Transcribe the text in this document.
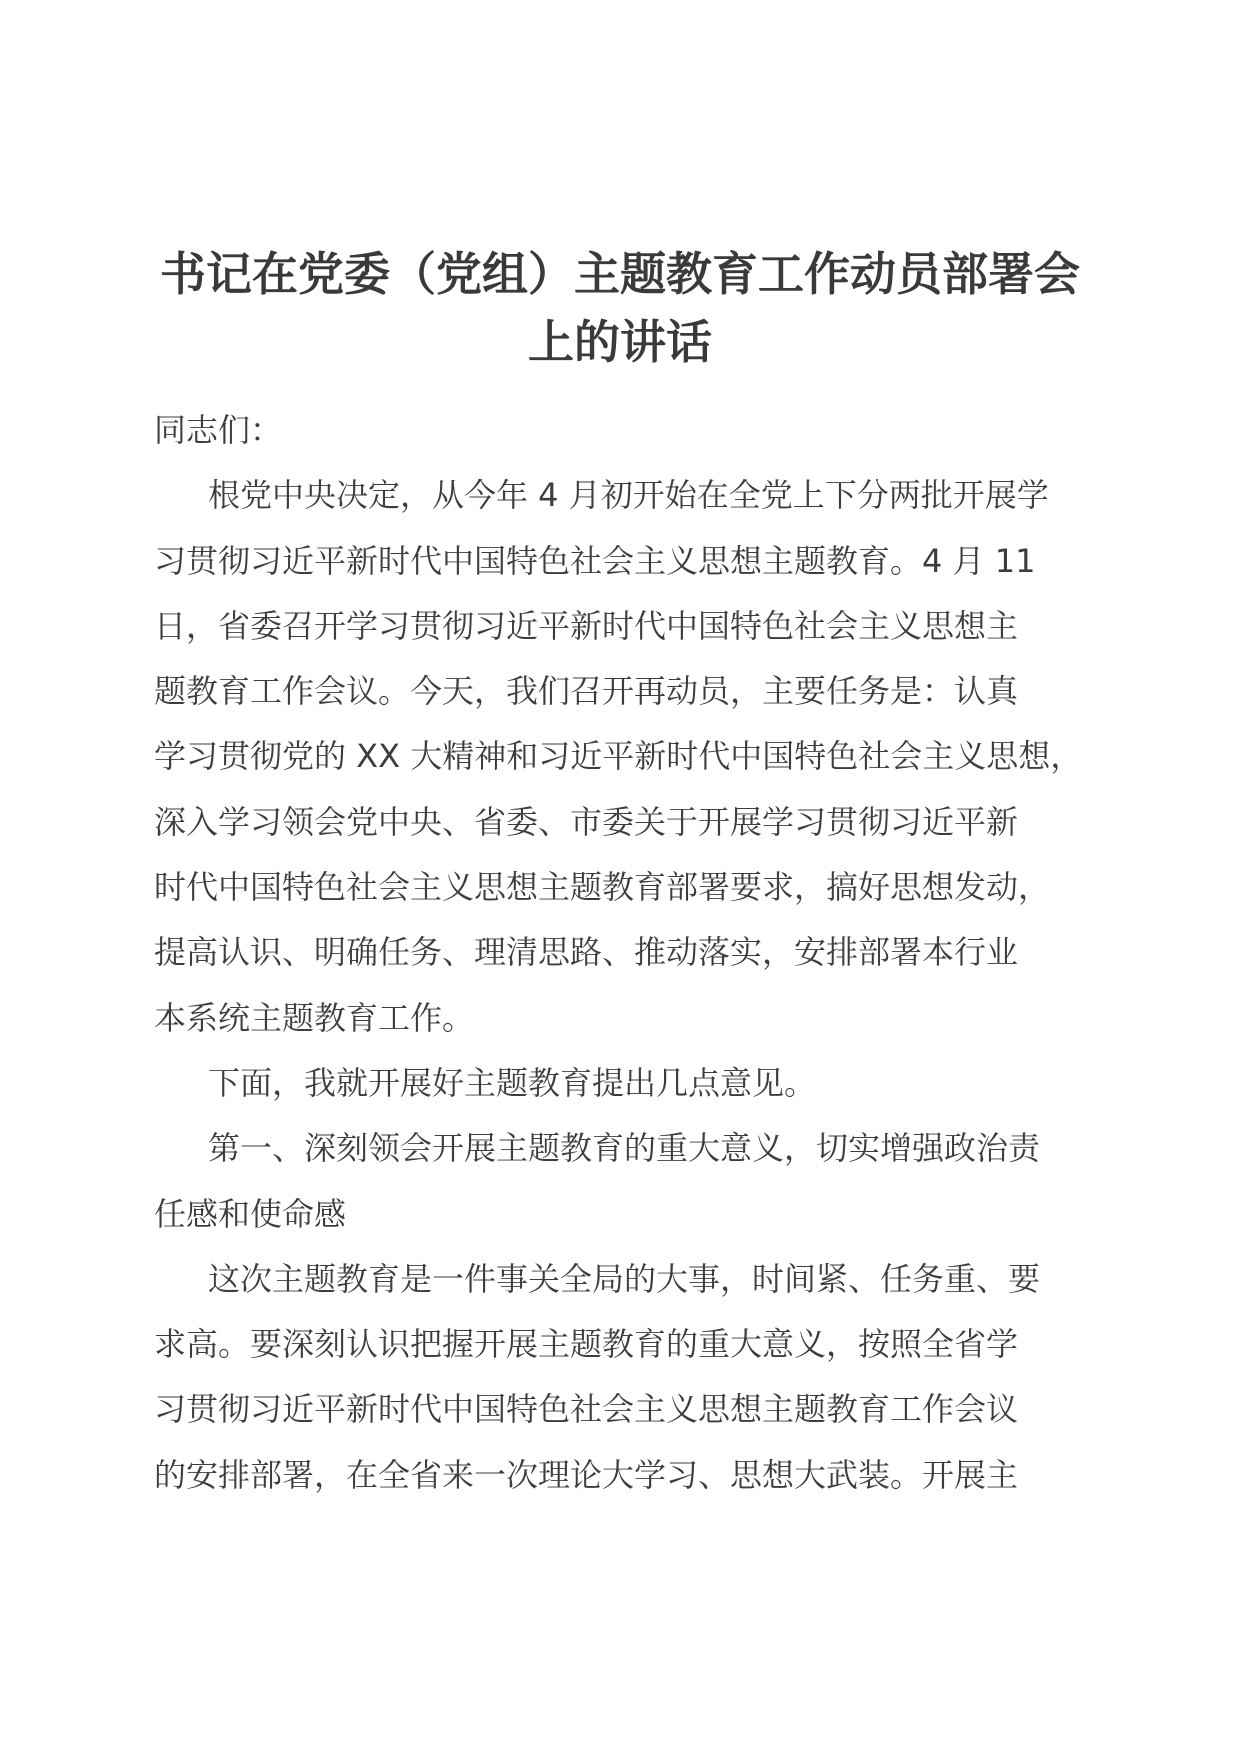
书记在党委（党组）主题教育工作动员部署会
上的讲话
同志们：
根党中央决定，从今年 4 月初开始在全党上下分两批开展学
习贯彻习近平新时代中国特色社会主义思想主题教育。4 月 11
日，省委召开学习贯彻习近平新时代中国特色社会主义思想主
题教育工作会议。今天，我们召开再动员，主要任务是：认真
学习贯彻党的 XX 大精神和习近平新时代中国特色社会主义思想，
深入学习领会党中央、省委、市委关于开展学习贯彻习近平新
时代中国特色社会主义思想主题教育部署要求，搞好思想发动，
提高认识、明确任务、理清思路、推动落实，安排部署本行业
本系统主题教育工作。
下面，我就开展好主题教育提出几点意见。
第一、深刻领会开展主题教育的重大意义，切实增强政治责
任感和使命感
这次主题教育是一件事关全局的大事，时间紧、任务重、要
求高。要深刻认识把握开展主题教育的重大意义，按照全省学
习贯彻习近平新时代中国特色社会主义思想主题教育工作会议
的安排部署，在全省来一次理论大学习、思想大武装。开展主
